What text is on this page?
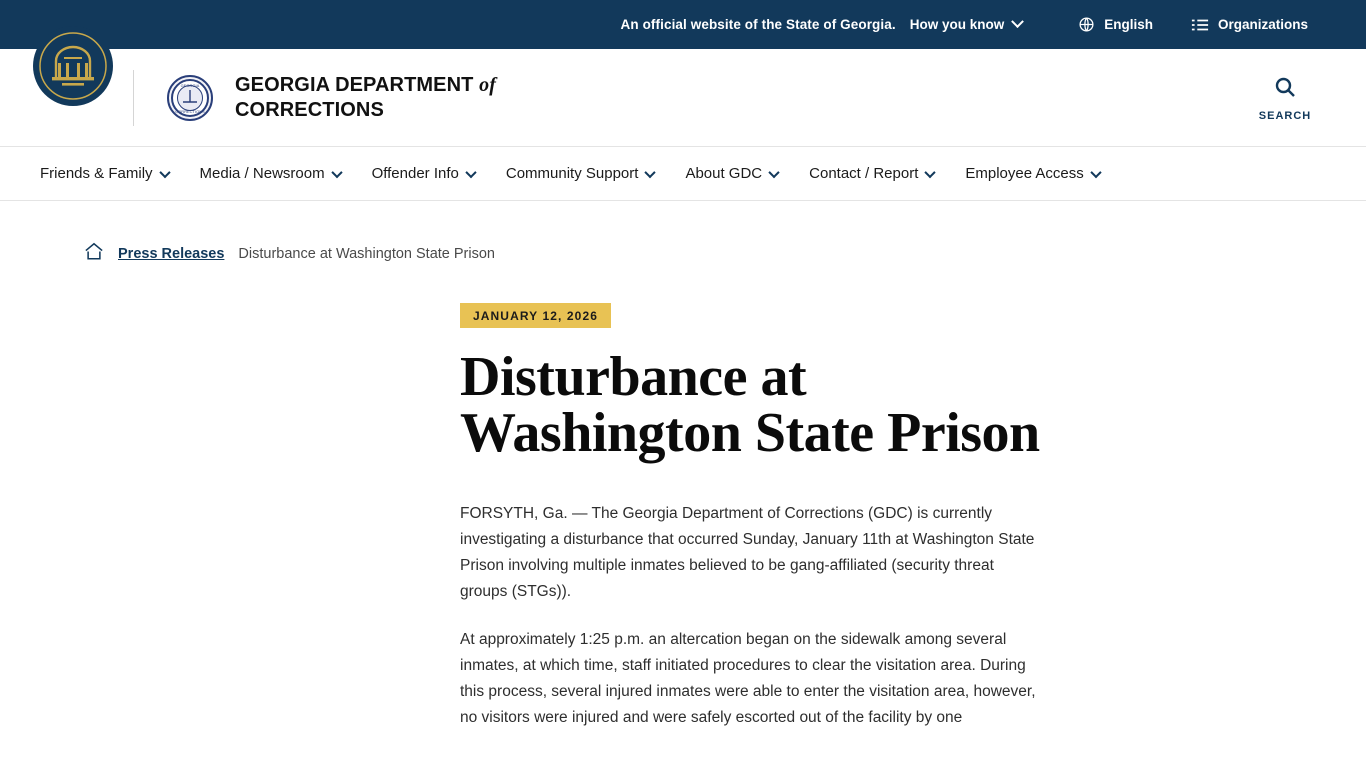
An official website of the State of Georgia. How you know	English	Organizations
GEORGIA
CORRECTIONS
GEORGIA DEPARTMENT of
CORRECTIONS	SEARCH
Friends & Family	Media / Newsroom	Offender Info	Community Support	About GDC	Contact / Report	Employee Access
Press Releases Disturbance at Washington State Prison
JANUARY 12, 2026
Disturbance at Washington State Prison

FORSYTH, Ga. — The Georgia Department of Corrections (GDC) is currently investigating a disturbance that occurred Sunday, January 11th at Washington State Prison involving multiple inmates believed to be gang-affiliated (security threat groups (STGs)).

At approximately 1:25 p.m. an altercation began on the sidewalk among several inmates, at which time, staff initiated procedures to clear the visitation area. During this process, several injured inmates were able to enter the visitation area, however, no visitors were injured and were safely escorted out of the facility by one
